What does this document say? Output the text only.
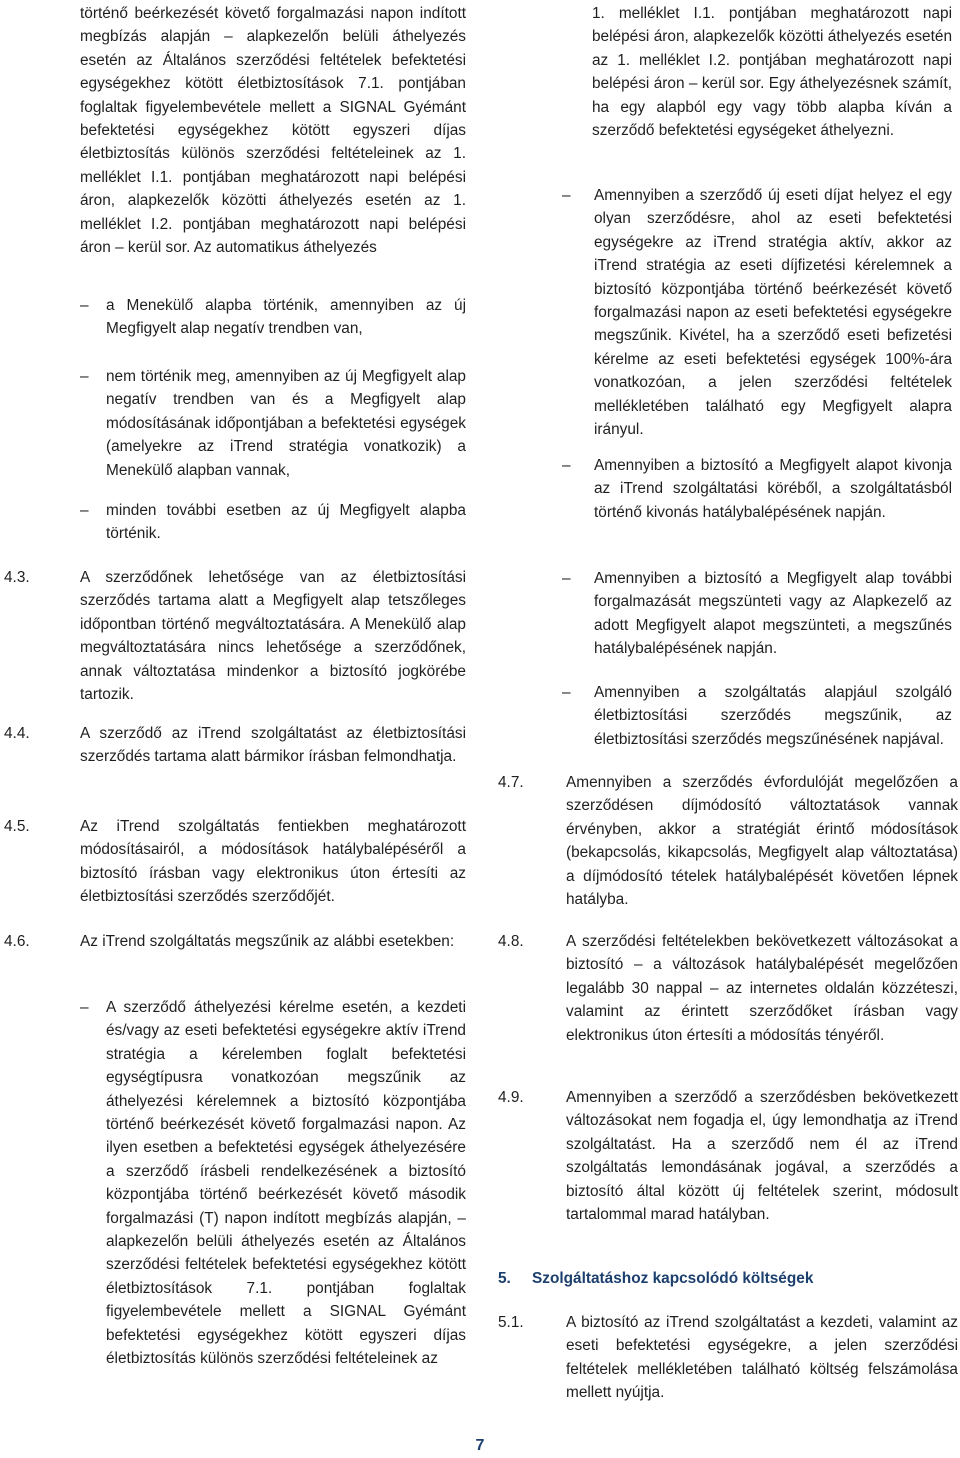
történő beérkezését követő forgalmazási napon indított megbízás alapján – alapkezelőn belüli áthelyezés esetén az Általános szerződési feltételek befektetési egységekhez kötött életbiztosítások 7.1. pontjában foglaltak figyelembevétele mellett a SIGNAL Gyémánt befektetési egységekhez kötött egyszeri díjas életbiztosítás különös szerződési feltételeinek az 1. melléklet I.1. pontjában meghatározott napi belépési áron, alapkezelők közötti áthelyezés esetén az 1. melléklet I.2. pontjában meghatározott napi belépési áron – kerül sor. Az automatikus áthelyezés

– a Menekülő alapba történik, amennyiben az új Megfigyelt alap negatív trendben van,

– nem történik meg, amennyiben az új Megfigyelt alap negatív trendben van és a Megfigyelt alap módosításának időpontjában a befektetési egységek (amelyekre az iTrend stratégia vonatkozik) a Menekülő alapban vannak,

– minden további esetben az új Megfigyelt alapba történik.

4.3.	A szerződőnek lehetősége van az életbiztosítási szerződés tartama alatt a Megfigyelt alap tetszőleges időpontban történő megváltoztatására. A Menekülő alap megváltoztatására nincs lehetősége a szerződőnek, annak változtatása mindenkor a biztosító jogkörébe tartozik.

4.4.	A szerződő az iTrend szolgáltatást az életbiztosítási szerződés tartama alatt bármikor írásban felmondhatja.

4.5.	Az iTrend szolgáltatás fentiekben meghatározott módosításairól, a módosítások hatálybalépéséről a biztosító írásban vagy elektronikus úton értesíti az életbiztosítási szerződés szerződőjét.

4.6.	Az iTrend szolgáltatás megszűnik az alábbi esetekben:

– A szerződő áthelyezési kérelme esetén, a kezdeti és/vagy az eseti befektetési egységekre aktív iTrend stratégia a kérelemben foglalt befektetési egységtípusra vonatkozóan megszűnik az áthelyezési kérelemnek a biztosító központjába történő beérkezését követő forgalmazási napon. Az ilyen esetben a befektetési egységek áthelyezésére a szerződő írásbeli rendelkezésének a biztosító központjába történő beérkezését követő második forgalmazási (T) napon indított megbízás alapján, – alapkezelőn belüli áthelyezés esetén az Általános szerződési feltételek befektetési egységekhez kötött életbiztosítások 7.1. pontjában foglaltak figyelembevétele mellett a SIGNAL Gyémánt befektetési egységekhez kötött egyszeri díjas életbiztosítás különös szerződési feltételeinek az

1. melléklet I.1. pontjában meghatározott napi belépési áron, alapkezelők közötti áthelyezés esetén az 1. melléklet I.2. pontjában meghatározott napi belépési áron – kerül sor. Egy áthelyezésnek számít, ha egy alapból egy vagy több alapba kíván a szerződő befektetési egységeket áthelyezni.

– Amennyiben a szerződő új eseti díjat helyez el egy olyan szerződésre, ahol az eseti befektetési egységekre az iTrend stratégia aktív, akkor az iTrend stratégia az eseti díjfizetési kérelemnek a biztosító központjába történő beérkezését követő forgalmazási napon az eseti befektetési egységekre megszűnik. Kivétel, ha a szerződő eseti befizetési kérelme az eseti befektetési egységek 100%-ára vonatkozóan, a jelen szerződési feltételek mellékletében található egy Megfigyelt alapra irányul.

– Amennyiben a biztosító a Megfigyelt alapot kivonja az iTrend szolgáltatási köréből, a szolgáltatásból történő kivonás hatálybalépésének napján.

– Amennyiben a biztosító a Megfigyelt alap további forgalmazását megszünteti vagy az Alapkezelő az adott Megfigyelt alapot megszünteti, a megszűnés hatálybalépésének napján.

– Amennyiben a szolgáltatás alapjául szolgáló életbiztosítási szerződés megszűnik, az életbiztosítási szerződés megszűnésének napjával.

4.7.	Amennyiben a szerződés évfordulóját megelőzően a szerződésen díjmódosító változtatások vannak érvényben, akkor a stratégiát érintő módosítások (bekapcsolás, kikapcsolás, Megfigyelt alap változtatása) a díjmódosító tételek hatálybalépését követően lépnek hatályba.

4.8.	A szerződési feltételekben bekövetkezett változásokat a biztosító – a változások hatálybalépését megelőzően legalább 30 nappal – az internetes oldalán közzéteszi, valamint az érintett szerződőket írásban vagy elektronikus úton értesíti a módosítás tényéről.

4.9.	Amennyiben a szerződő a szerződésben bekövetkezett változásokat nem fogadja el, úgy lemondhatja az iTrend szolgáltatást. Ha a szerződő nem él az iTrend szolgáltatás lemondásának jogával, a szerződés a biztosító által között új feltételek szerint, módosult tartalommal marad hatályban.

5. Szolgáltatáshoz kapcsolódó költségek
5.1.	A biztosító az iTrend szolgáltatást a kezdeti, valamint az eseti befektetési egységekre, a jelen szerződési feltételek mellékletében található költség felszámolása mellett nyújtja.

7
